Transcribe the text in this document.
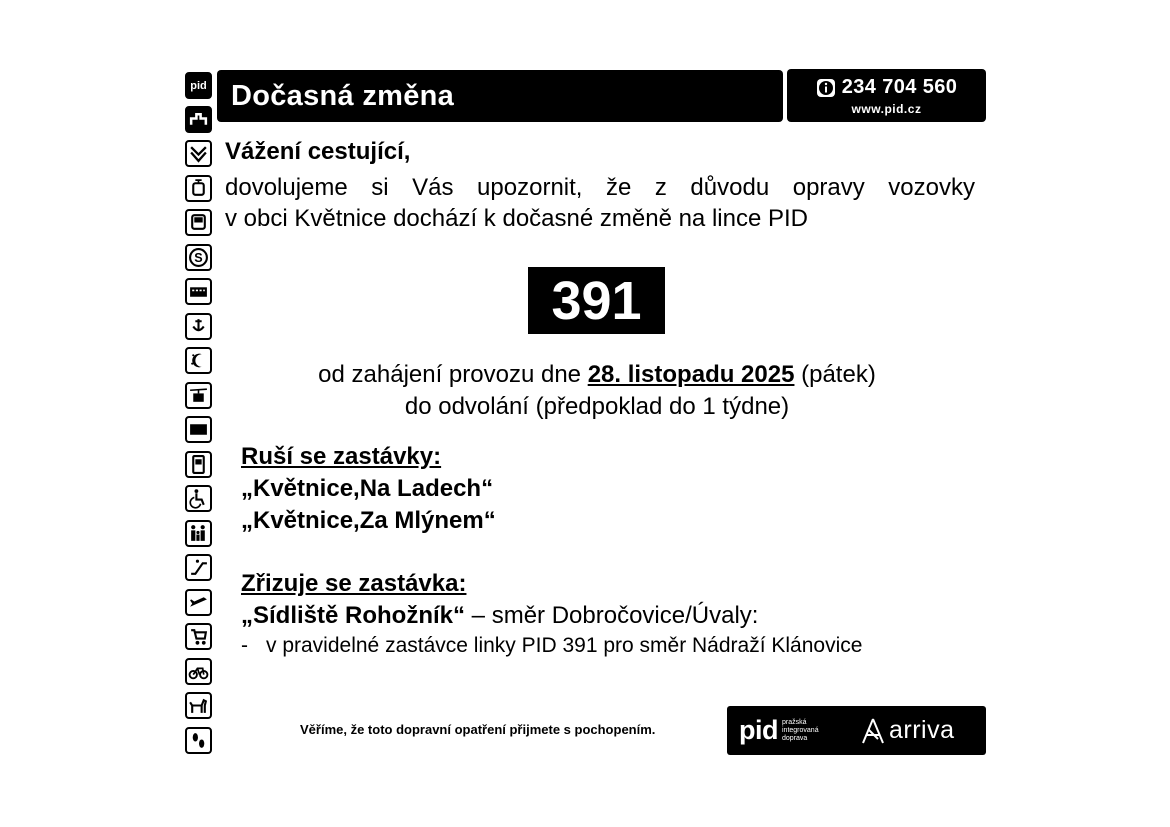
pid
S
Dočasná změna	234 704 560
www.pid.cz
Vážení cestující,
dovolujeme si Vás upozornit, že z důvodu opravy vozovky
v obci Květnice dochází k dočasné změně na lince PID
391
od zahájení provozu dne 28. listopadu 2025 (pátek)
do odvolání (předpoklad do 1 týdne)
Ruší se zastávky:
„Květnice,Na Ladech“
„Květnice,Za Mlýnem“
Zřizuje se zastávka:
„Sídliště Rohožník“ – směr Dobročovice/Úvaly:
- v pravidelné zastávce linky PID 391 pro směr Nádraží Klánovice
Věříme, že toto dopravní opatření přijmete s pochopením.	pid pražská integrovaná doprava	arriva
